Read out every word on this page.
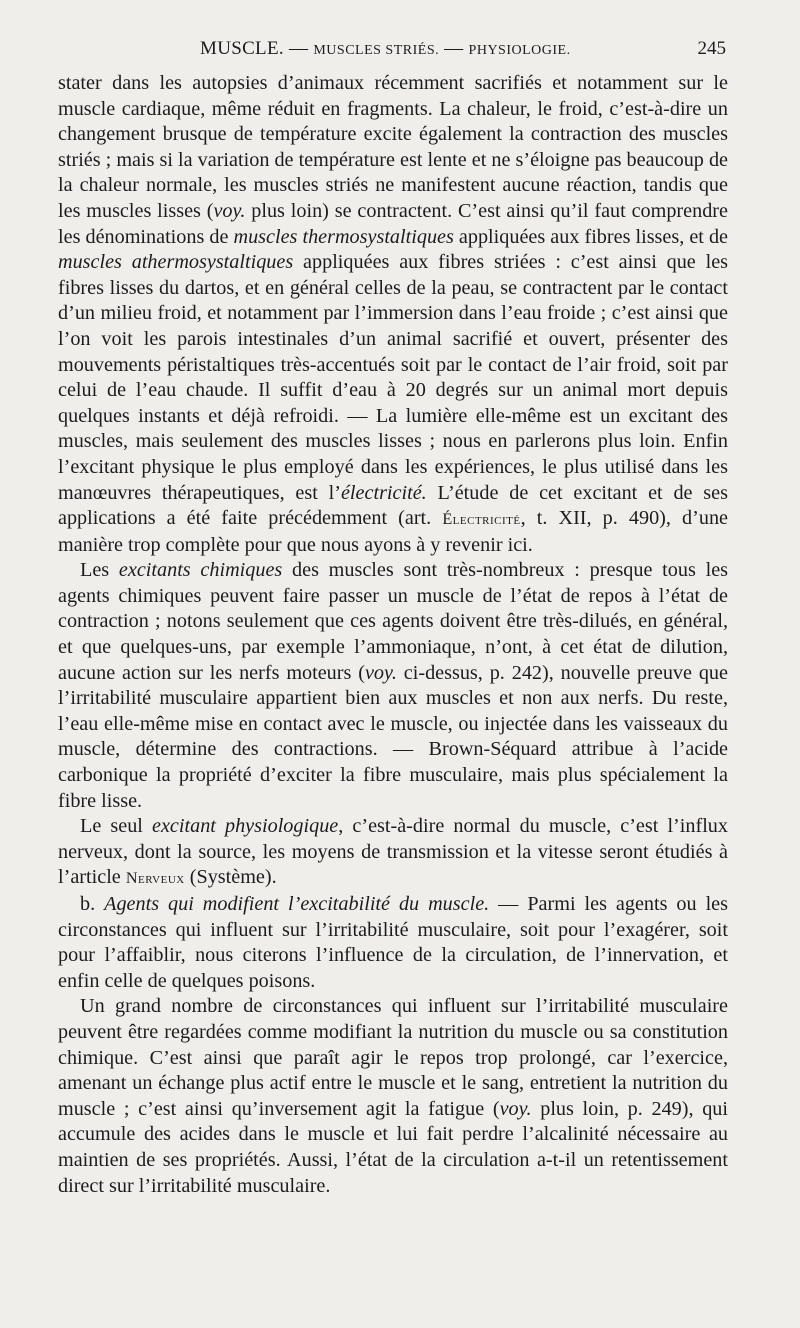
MUSCLE. — MUSCLES STRIÉS. — PHYSIOLOGIE.	245

stater dans les autopsies d’animaux récemment sacrifiés et notamment sur le muscle cardiaque, même réduit en fragments. La chaleur, le froid, c’est-à-dire un changement brusque de température excite également la contraction des muscles striés ; mais si la variation de température est lente et ne s’éloigne pas beaucoup de la chaleur normale, les muscles striés ne manifestent aucune réaction, tandis que les muscles lisses (voy. plus loin) se contractent. C’est ainsi qu’il faut comprendre les dénominations de muscles thermosystaltiques appliquées aux fibres lisses, et de muscles athermosystaltiques appliquées aux fibres striées : c’est ainsi que les fibres lisses du dartos, et en général celles de la peau, se contractent par le contact d’un milieu froid, et notamment par l’immersion dans l’eau froide ; c’est ainsi que l’on voit les parois intestinales d’un animal sacrifié et ouvert, présenter des mouvements péristaltiques très-accentués soit par le contact de l’air froid, soit par celui de l’eau chaude. Il suffit d’eau à 20 degrés sur un animal mort depuis quelques instants et déjà refroidi. — La lumière elle-même est un excitant des muscles, mais seulement des muscles lisses ; nous en parlerons plus loin. Enfin l’excitant physique le plus employé dans les expériences, le plus utilisé dans les manœuvres thérapeutiques, est l’électricité. L’étude de cet excitant et de ses applications a été faite précédemment (art. Électricité, t. XII, p. 490), d’une manière trop complète pour que nous ayons à y revenir ici.

Les excitants chimiques des muscles sont très-nombreux : presque tous les agents chimiques peuvent faire passer un muscle de l’état de repos à l’état de contraction ; notons seulement que ces agents doivent être très-dilués, en général, et que quelques-uns, par exemple l’ammoniaque, n’ont, à cet état de dilution, aucune action sur les nerfs moteurs (voy. ci-dessus, p. 242), nouvelle preuve que l’irritabilité musculaire appartient bien aux muscles et non aux nerfs. Du reste, l’eau elle-même mise en contact avec le muscle, ou injectée dans les vaisseaux du muscle, détermine des contractions. — Brown-Séquard attribue à l’acide carbonique la propriété d’exciter la fibre musculaire, mais plus spécialement la fibre lisse.

Le seul excitant physiologique, c’est-à-dire normal du muscle, c’est l’influx nerveux, dont la source, les moyens de transmission et la vitesse seront étudiés à l’article Nerveux (Système).

b. Agents qui modifient l’excitabilité du muscle. — Parmi les agents ou les circonstances qui influent sur l’irritabilité musculaire, soit pour l’exagérer, soit pour l’affaiblir, nous citerons l’influence de la circulation, de l’innervation, et enfin celle de quelques poisons.

Un grand nombre de circonstances qui influent sur l’irritabilité musculaire peuvent être regardées comme modifiant la nutrition du muscle ou sa constitution chimique. C’est ainsi que paraît agir le repos trop prolongé, car l’exercice, amenant un échange plus actif entre le muscle et le sang, entretient la nutrition du muscle ; c’est ainsi qu’inversement agit la fatigue (voy. plus loin, p. 249), qui accumule des acides dans le muscle et lui fait perdre l’alcalinité nécessaire au maintien de ses propriétés. Aussi, l’état de la circulation a-t-il un retentissement direct sur l’irritabilité musculaire.
